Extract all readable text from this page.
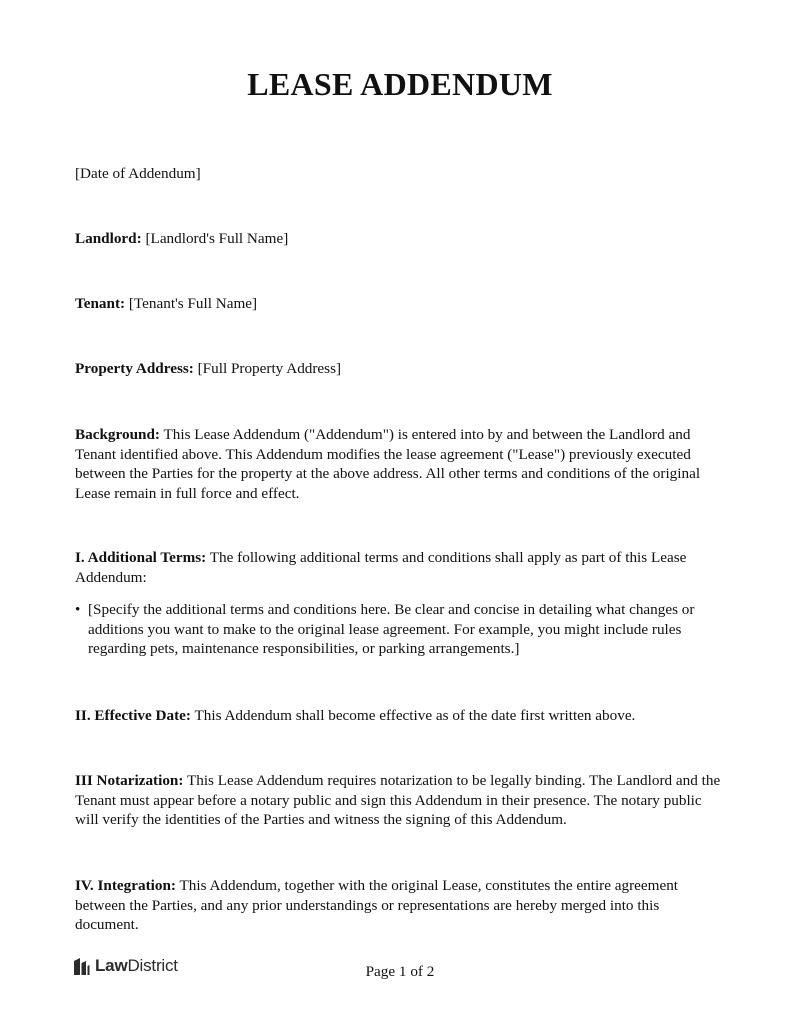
LEASE ADDENDUM
[Date of Addendum]
Landlord: [Landlord's Full Name]
Tenant: [Tenant's Full Name]
Property Address: [Full Property Address]
Background: This Lease Addendum ("Addendum") is entered into by and between the Landlord and Tenant identified above. This Addendum modifies the lease agreement ("Lease") previously executed between the Parties for the property at the above address. All other terms and conditions of the original Lease remain in full force and effect.
I. Additional Terms: The following additional terms and conditions shall apply as part of this Lease Addendum:
• [Specify the additional terms and conditions here. Be clear and concise in detailing what changes or additions you want to make to the original lease agreement. For example, you might include rules regarding pets, maintenance responsibilities, or parking arrangements.]
II. Effective Date: This Addendum shall become effective as of the date first written above.
III Notarization: This Lease Addendum requires notarization to be legally binding. The Landlord and the Tenant must appear before a notary public and sign this Addendum in their presence. The notary public will verify the identities of the Parties and witness the signing of this Addendum.
IV. Integration: This Addendum, together with the original Lease, constitutes the entire agreement between the Parties, and any prior understandings or representations are hereby merged into this document.
LawDistrict	Page 1 of 2
